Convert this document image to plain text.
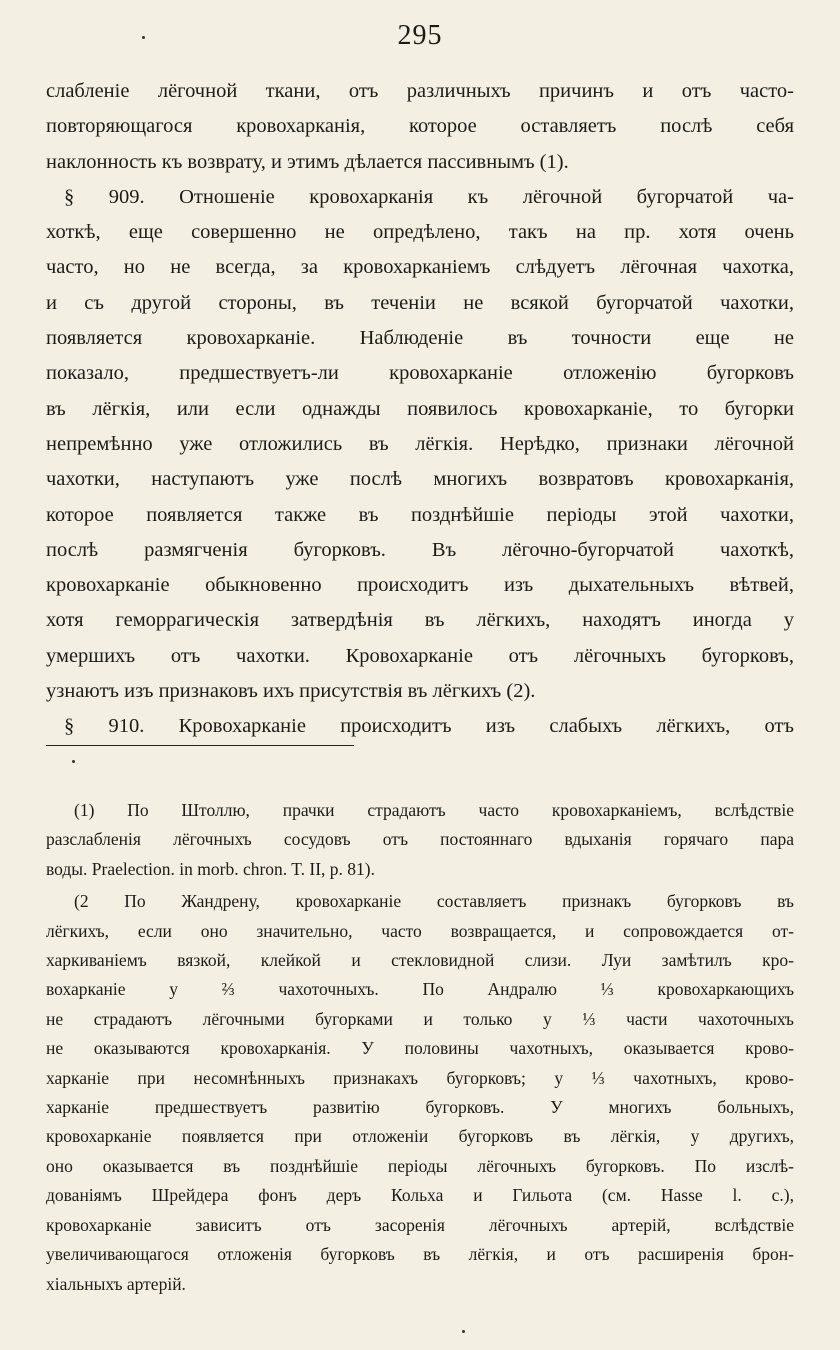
295
слабленіе лёгочной ткани, отъ различныхъ причинъ и отъ часто-
повторяющагося кровохарканія, которое оставляетъ послѣ себя
наклонность къ возврату, и этимъ дѣлается пассивнымъ (1).
§ 909. Отношеніе кровохарканія къ лёгочной бугорчатой ча-
хоткѣ, еще совершенно не опредѣлено, такъ на пр. хотя очень
часто, но не всегда, за кровохарканіемъ слѣдуетъ лёгочная чахотка,
и съ другой стороны, въ теченіи не всякой бугорчатой чахотки,
появляется кровохарканіе. Наблюденіе въ точности еще не
показало, предшествуетъ-ли кровохарканіе отложенію бугорковъ
въ лёгкія, или если однажды появилось кровохарканіе, то бугорки
непремѣнно уже отложились въ лёгкія. Нерѣдко, признаки лёгочной
чахотки, наступаютъ уже послѣ многихъ возвратовъ кровохарканія,
которое появляется также въ позднѣйшіе періоды этой чахотки,
послѣ размягченія бугорковъ. Въ лёгочно-бугорчатой чахоткѣ,
кровохарканіе обыкновенно происходитъ изъ дыхательныхъ вѣтвей,
хотя геморрагическія затвердѣнія въ лёгкихъ, находятъ иногда у
умершихъ отъ чахотки. Кровохарканіе отъ лёгочныхъ бугорковъ,
узнаютъ изъ признаковъ ихъ присутствія въ лёгкихъ (2).
§ 910. Кровохарканіе происходитъ изъ слабыхъ лёгкихъ, отъ
(1) По Штоллю, прачки страдаютъ часто кровохарканіемъ, вслѣдствіе
разслабленія лёгочныхъ сосудовъ отъ постояннаго вдыханія горячаго пара
воды. Praelection. in morb. chron. T. II, p. 81).
(2 По Жандрену, кровохарканіе составляетъ признакъ бугорковъ въ
лёгкихъ, если оно значительно, часто возвращается, и сопровождается от-
харкиваніемъ вязкой, клейкой и стекловидной слизи. Луи замѣтилъ кро-
вохарканіе у ⅔ чахоточныхъ. По Андралю ⅓ кровохаркающихъ
не страдаютъ лёгочными бугорками и только у ⅓ части чахоточныхъ
не оказываются кровохарканія. У половины чахотныхъ, оказывается крово-
харканіе при несомнѣнныхъ признакахъ бугорковъ; у ⅓ чахотныхъ, крово-
харканіе предшествуетъ развитію бугорковъ. У многихъ больныхъ,
кровохарканіе появляется при отложеніи бугорковъ въ лёгкія, у другихъ,
оно оказывается въ позднѣйшіе періоды лёгочныхъ бугорковъ. По изслѣ-
дованіямъ Шрейдера фонъ деръ Кольха и Гильота (см. Hasse l. с.),
кровохарканіе зависитъ отъ засоренія лёгочныхъ артерій, вслѣдствіе
увеличивающагося отложенія бугорковъ въ лёгкія, и отъ расширенія брон-
хіальныхъ артерій.
